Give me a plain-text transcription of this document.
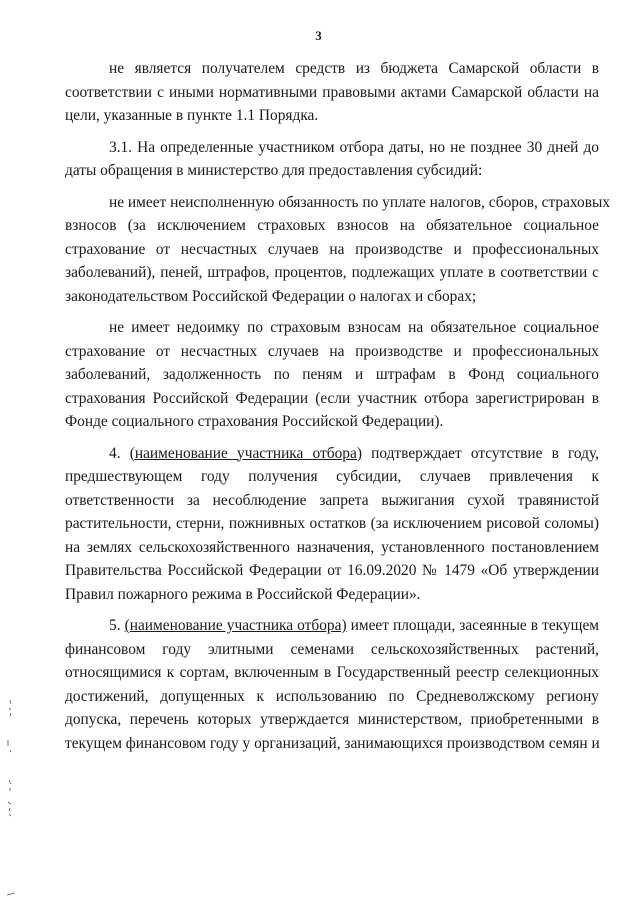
3
не является получателем средств из бюджета Самарской области в
соответствии с иными нормативными правовыми актами Самарской области на
цели, указанные в пункте 1.1 Порядка.
3.1. На определенные участником отбора даты, но не позднее 30 дней до
даты обращения в министерство для предоставления субсидий:
не имеет неисполненную обязанность по уплате налогов, сборов, страховых
взносов (за исключением страховых взносов на обязательное социальное
страхование от несчастных случаев на производстве и профессиональных
заболеваний), пеней, штрафов, процентов, подлежащих уплате в соответствии с
законодательством Российской Федерации о налогах и сборах;
не имеет недоимку по страховым взносам на обязательное социальное
страхование от несчастных случаев на производстве и профессиональных
заболеваний, задолженность по пеням и штрафам в Фонд социального
страхования Российской Федерации (если участник отбора зарегистрирован в
Фонде социального страхования Российской Федерации).
4. (наименование участника отбора) подтверждает отсутствие в году,
предшествующем году получения субсидии, случаев привлечения к
ответственности за несоблюдение запрета выжигания сухой травянистой
растительности, стерни, пожнивных остатков (за исключением рисовой соломы)
на землях сельскохозяйственного назначения, установленного постановлением
Правительства Российской Федерации от 16.09.2020 № 1479 «Об утверждении
Правил пожарного режима в Российской Федерации».
5. (наименование участника отбора) имеет площади, засеянные в текущем
финансовом году элитными семенами сельскохозяйственных растений,
относящимися к сортам, включенным в Государственный реестр селекционных
достижений, допущенных к использованию по Средневолжскому региону
допуска, перечень которых утверждается министерством, приобретенными в
текущем финансовом году у организаций, занимающихся производством семян и
